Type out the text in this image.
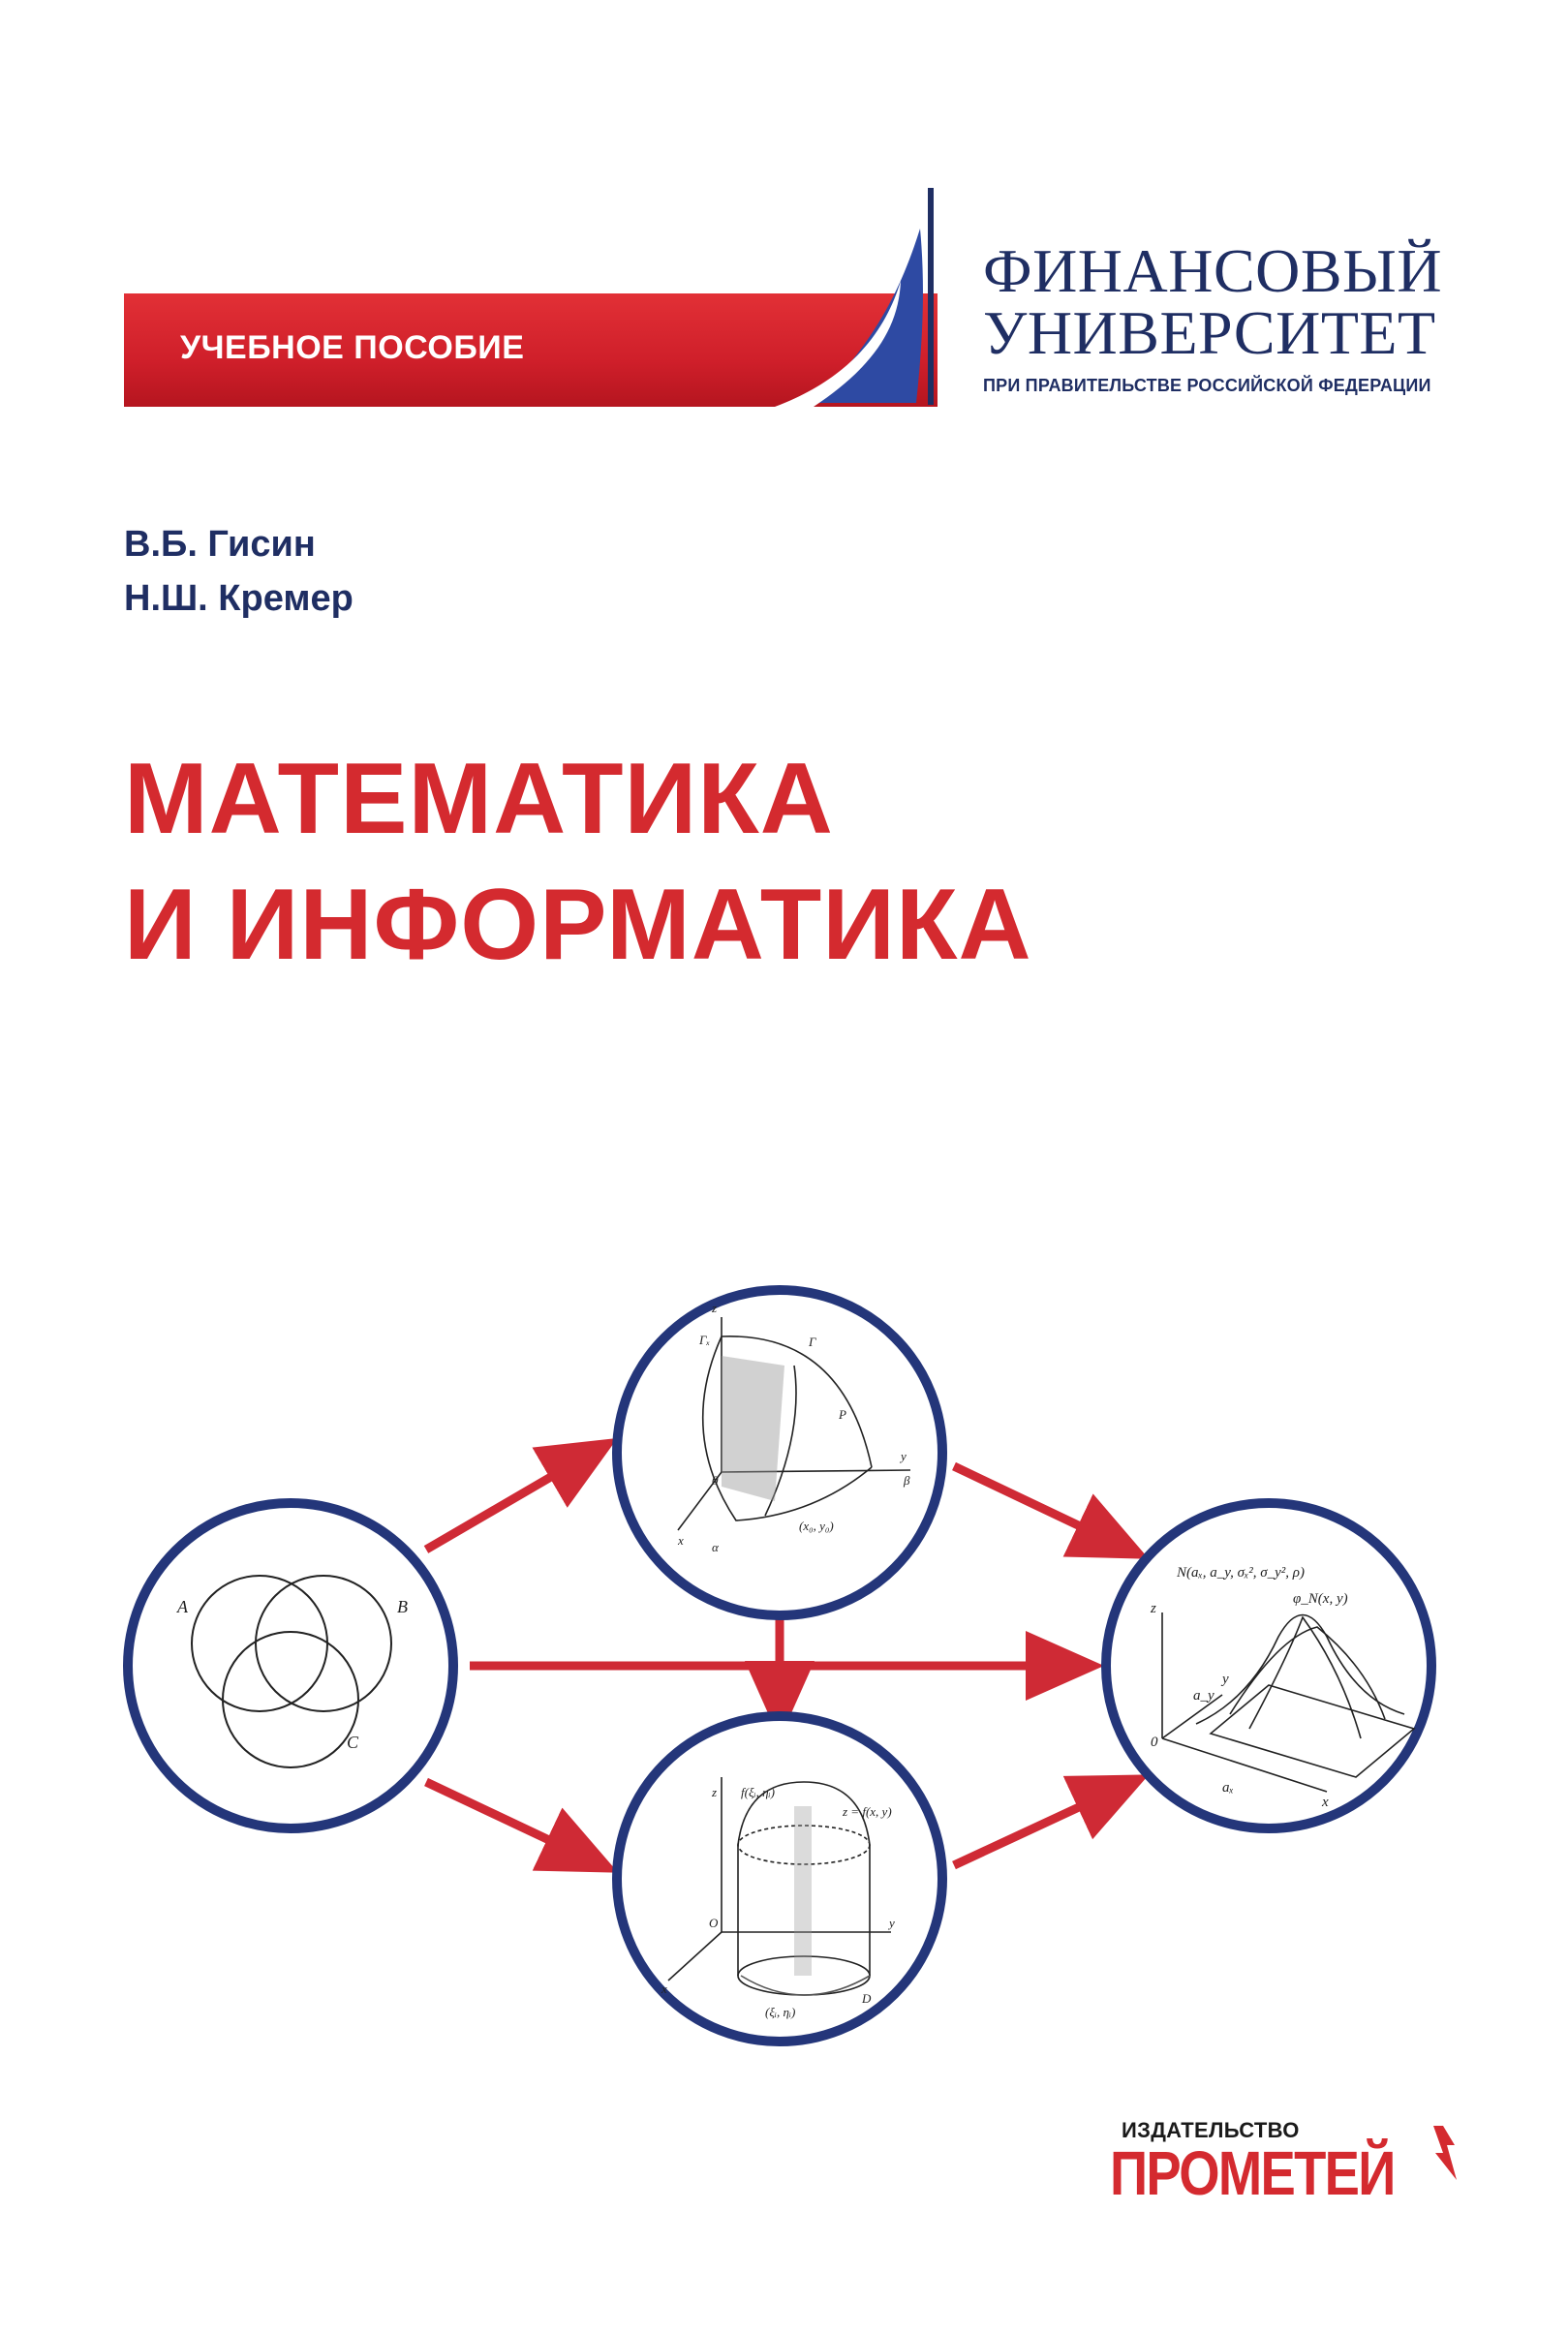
УЧЕБНОЕ ПОСОБИЕ
ФИНАНСОВЫЙ
УНИВЕРСИТЕТ
ПРИ ПРАВИТЕЛЬСТВЕ РОССИЙСКОЙ ФЕДЕРАЦИИ
В.Б. Гисин
Н.Ш. Кремер
МАТЕМАТИКА
И ИНФОРМАТИКА
A	B
C
z
Γₓ	Γ
P
y
β
0
x
(x₀, y₀)
α
N(aₓ, a_y, σₓ², σ_y², ρ)
φ_N(x, y)
z
y
a_y
0
aₓ
x
z f(ξᵢ, ηᵢ)
z = f(x, y)
O	y
x
D
(ξᵢ, ηᵢ)
ИЗДАТЕЛЬСТВО
ПРОМЕТЕЙ
